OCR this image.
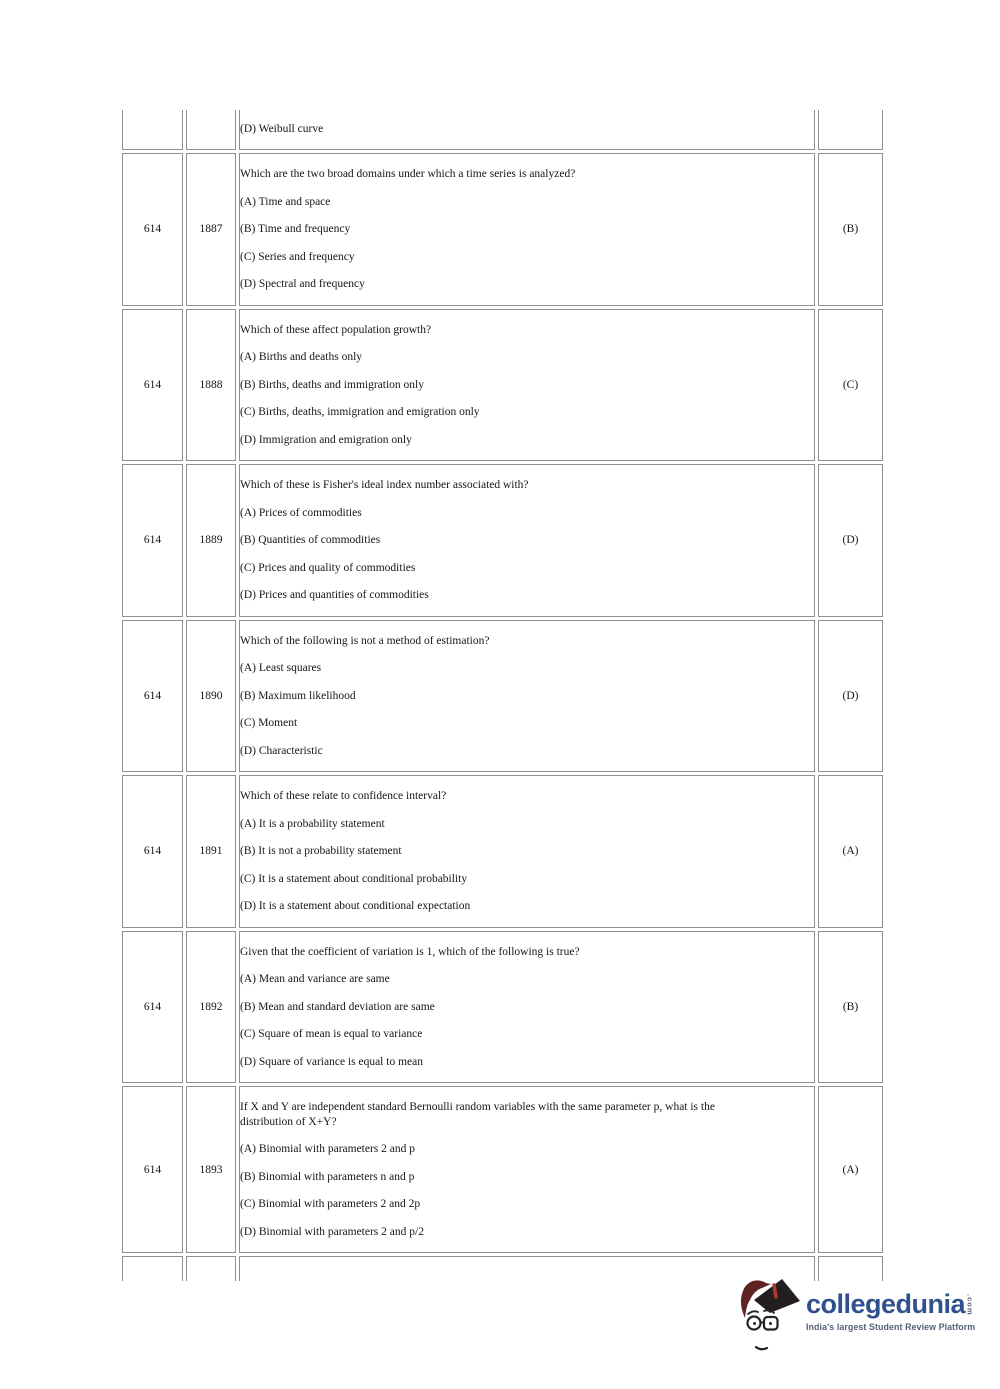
		(D) Weibull curve	

614	1887	Which are the two broad domains under which a time series is analyzed?

(A) Time and space

(B) Time and frequency

(C) Series and frequency

(D) Spectral and frequency	(B)
614	1888	Which of these affect population growth?

(A) Births and deaths only

(B) Births, deaths and immigration only

(C) Births, deaths, immigration and emigration only

(D) Immigration and emigration only	(C)
614	1889	Which of these is Fisher's ideal index number associated with?

(A) Prices of commodities

(B) Quantities of commodities

(C) Prices and quality of commodities

(D) Prices and quantities of commodities	(D)
614	1890	Which of the following is not a method of estimation?

(A) Least squares

(B) Maximum likelihood

(C) Moment

(D) Characteristic	(D)
614	1891	Which of these relate to confidence interval?

(A) It is a probability statement

(B) It is not a probability statement

(C) It is a statement about conditional probability

(D) It is a statement about conditional expectation	(A)
614	1892	Given that the coefficient of variation is 1, which of the following is true?

(A) Mean and variance are same

(B) Mean and standard deviation are same

(C) Square of mean is equal to variance

(D) Square of variance is equal to mean	(B)
614	1893	If X and Y are independent standard Bernoulli random variables with the same parameter p, what is the distribution of X+Y?

(A) Binomial with parameters 2 and p

(B) Binomial with parameters n and p

(C) Binomial with parameters 2 and 2p

(D) Binomial with parameters 2 and p/2	(A)

collegedunia .com
India's largest Student Review Platform
